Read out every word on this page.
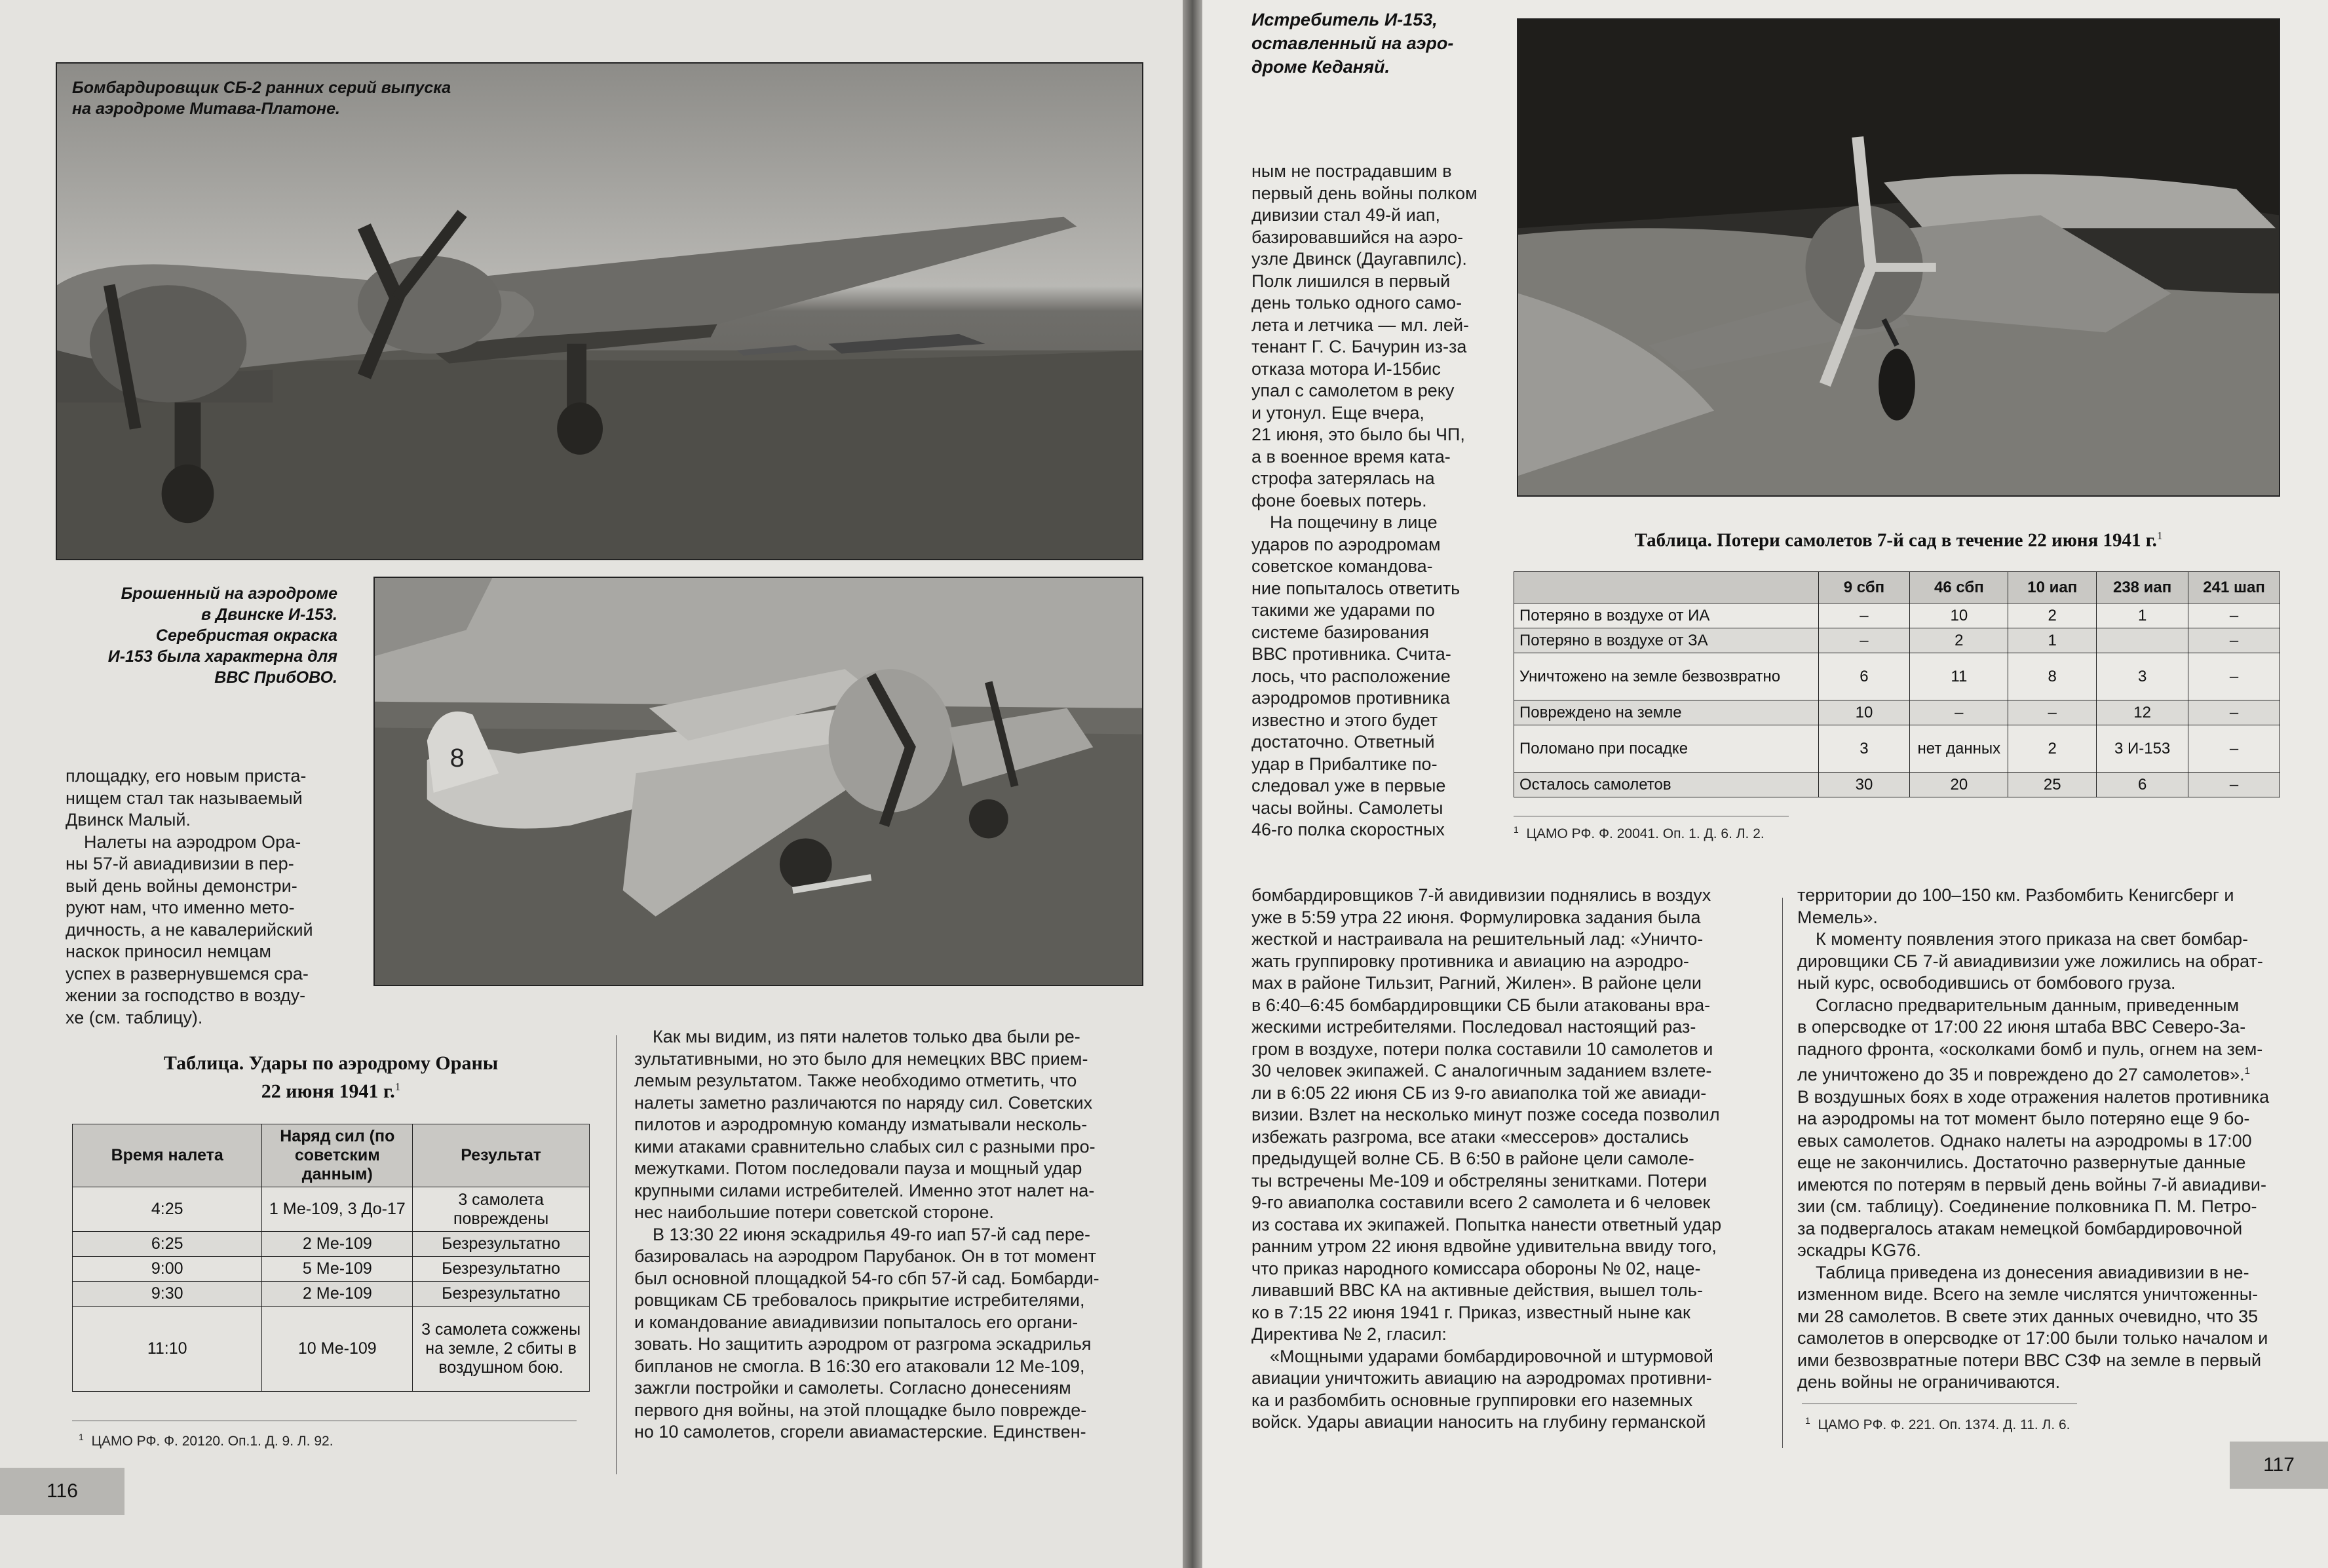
Бомбардировщик СБ-2 ранних серий выпуска
на аэродроме Митава-Платоне.
8
Брошенный на аэродроме
в Двинске И-153.
Серебристая окраска
И-153 была характерна для
ВВС ПрибОВО.
площадку, его новым приста-
нищем стал так называемый
Двинск Малый.
Налеты на аэродром Ора-
ны 57-й авиадивизии в пер-
вый день войны демонстри-
руют нам, что именно мето-
дичность, а не кавалерийский
наскок приносил немцам
успех в развернувшемся сра-
жении за господство в возду-
хе (см. таблицу).
Таблица. Удары по аэродрому Ораны
22 июня 1941 г.$^1$
Время налета	Наряд сил (по советским данным)	Результат
4:25	1 Ме-109, 3 До-17	3 самолета повреждены
6:25	2 Ме-109	Безрезультатно
9:00	5 Ме-109	Безрезультатно
9:30	2 Ме-109	Безрезультатно
11:10	10 Ме-109	3 самолета сожжены на земле, 2 сбиты в воздушном бою.
$^1$ ЦАМО РФ. Ф. 20120. Оп.1. Д. 9. Л. 92.
Как мы видим, из пяти налетов только два были ре-
зультативными, но это было для немецких ВВС прием-
лемым результатом. Также необходимо отметить, что
налеты заметно различаются по наряду сил. Советских
пилотов и аэродромную команду изматывали несколь-
кими атаками сравнительно слабых сил с разными про-
межутками. Потом последовали пауза и мощный удар
крупными силами истребителей. Именно этот налет на-
нес наибольшие потери советской стороне.
В 13:30 22 июня эскадрилья 49-го иап 57-й сад пере-
базировалась на аэродром Парубанок. Он в тот момент
был основной площадкой 54-го сбп 57-й сад. Бомбарди-
ровщикам СБ требовалось прикрытие истребителями,
и командование авиадивизии попыталось его органи-
зовать. Но защитить аэродром от разгрома эскадрилья
бипланов не смогла. В 16:30 его атаковали 12 Ме-109,
зажгли постройки и самолеты. Согласно донесениям
первого дня войны, на этой площадке было поврежде-
но 10 самолетов, сгорели авиамастерские. Единствен-
116
Истребитель И-153,
оставленный на аэро-
дроме Кеданяй.
Таблица. Потери самолетов 7-й сад в течение 22 июня 1941 г.$^1$
	9 сбп	46 сбп	10 иап	238 иап	241 шап
Потеряно в воздухе от ИА	–	10	2	1	–
Потеряно в воздухе от ЗА	–	2	1		–
Уничтожено на земле безвозвратно	6	11	8	3	–
Повреждено на земле	10	–	–	12	–
Поломано при посадке	3	нет данных	2	3 И-153	–
Осталось самолетов	30	20	25	6	–
$^1$ ЦАМО РФ. Ф. 20041. Оп. 1. Д. 6. Л. 2.
ным не пострадавшим в
первый день войны полком
дивизии стал 49-й иап,
базировавшийся на аэро-
узле Двинск (Даугавпилс).
Полк лишился в первый
день только одного само-
лета и летчика — мл. лей-
тенант Г. С. Бачурин из-за
отказа мотора И-15бис
упал с самолетом в реку
и утонул. Еще вчера,
21 июня, это было бы ЧП,
а в военное время ката-
строфа затерялась на
фоне боевых потерь.
На пощечину в лице
ударов по аэродромам
советское командова-
ние попыталось ответить
такими же ударами по
системе базирования
ВВС противника. Счита-
лось, что расположение
аэродромов противника
известно и этого будет
достаточно. Ответный
удар в Прибалтике по-
следовал уже в первые
часы войны. Самолеты
46-го полка скоростных
бомбардировщиков 7-й авидивизии поднялись в воздух
уже в 5:59 утра 22 июня. Формулировка задания была
жесткой и настраивала на решительный лад: «Уничто-
жать группировку противника и авиацию на аэродро-
мах в районе Тильзит, Рагний, Жилен». В районе цели
в 6:40–6:45 бомбардировщики СБ были атакованы вра-
жескими истребителями. Последовал настоящий раз-
гром в воздухе, потери полка составили 10 самолетов и
30 человек экипажей. С аналогичным заданием взлете-
ли в 6:05 22 июня СБ из 9-го авиаполка той же авиади-
визии. Взлет на несколько минут позже соседа позволил
избежать разгрома, все атаки «мессеров» достались
предыдущей волне СБ. В 6:50 в районе цели самоле-
ты встречены Ме-109 и обстреляны зенитками. Потери
9-го авиаполка составили всего 2 самолета и 6 человек
из состава их экипажей. Попытка нанести ответный удар
ранним утром 22 июня вдвойне удивительна ввиду того,
что приказ народного комиссара обороны № 02, наце-
ливавший ВВС КА на активные действия, вышел толь-
ко в 7:15 22 июня 1941 г. Приказ, известный ныне как
Директива № 2, гласил:
«Мощными ударами бомбардировочной и штурмовой
авиации уничтожить авиацию на аэродромах противни-
ка и разбомбить основные группировки его наземных
войск. Удары авиации наносить на глубину германской
территории до 100–150 км. Разбомбить Кенигсберг и
Мемель».
К моменту появления этого приказа на свет бомбар-
дировщики СБ 7-й авиадивизии уже ложились на обрат-
ный курс, освободившись от бомбового груза.
Согласно предварительным данным, приведенным
в оперсводке от 17:00 22 июня штаба ВВС Северо-За-
падного фронта, «осколками бомб и пуль, огнем на зем-
ле уничтожено до 35 и повреждено до 27 самолетов».$^1$
В воздушных боях в ходе отражения налетов противника
на аэродромы на тот момент было потеряно еще 9 бо-
евых самолетов. Однако налеты на аэродромы в 17:00
еще не закончились. Достаточно развернутые данные
имеются по потерям в первый день войны 7-й авиадиви-
зии (см. таблицу). Соединение полковника П. М. Петро-
за подвергалось атакам немецкой бомбардировочной
эскадры KG76.
Таблица приведена из донесения авиадивизии в не-
изменном виде. Всего на земле числятся уничтоженны-
ми 28 самолетов. В свете этих данных очевидно, что 35
самолетов в оперсводке от 17:00 были только началом и
ими безвозвратные потери ВВС СЗФ на земле в первый
день войны не ограничиваются.
$^1$ ЦАМО РФ. Ф. 221. Оп. 1374. Д. 11. Л. 6.
117
